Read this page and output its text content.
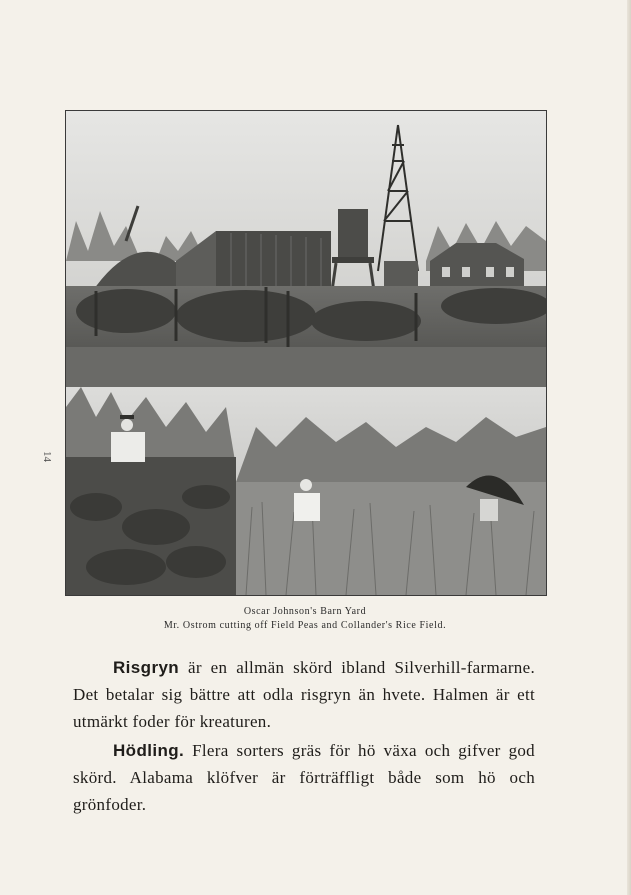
14
Oscar Johnson's Barn Yard
Mr. Ostrom cutting off Field Peas and Collander's Rice Field.

Risgryn är en allmän skörd ibland Silverhill-farmarne. Det betalar sig bättre att odla risgryn än hvete. Halmen är ett utmärkt foder för kreaturen.

Hödling. Flera sorters gräs för hö växa och gifver god skörd. Alabama klöfver är förträffligt både som hö och grönfoder.
